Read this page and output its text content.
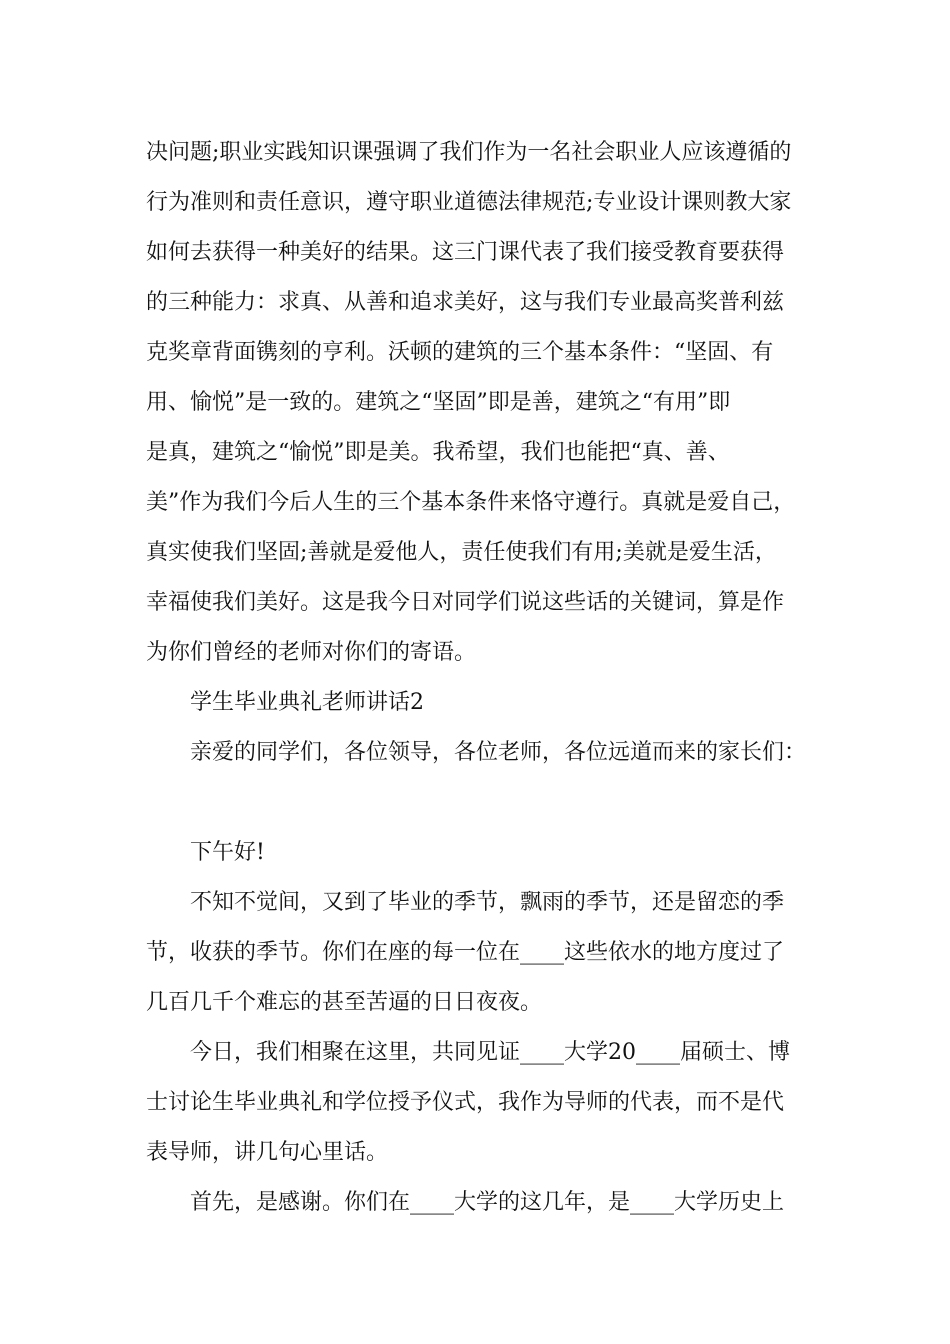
决问题;职业实践知识课强调了我们作为一名社会职业人应该遵循的
行为准则和责任意识，遵守职业道德法律规范;专业设计课则教大家
如何去获得一种美好的结果。这三门课代表了我们接受教育要获得
的三种能力：求真、从善和追求美好，这与我们专业最高奖普利兹
克奖章背面镌刻的亨利。沃顿的建筑的三个基本条件：“坚固、有
用、愉悦”是一致的。建筑之“坚固”即是善，建筑之“有用”即
是真，建筑之“愉悦”即是美。我希望，我们也能把“真、善、
美”作为我们今后人生的三个基本条件来恪守遵行。真就是爱自己，
真实使我们坚固;善就是爱他人，责任使我们有用;美就是爱生活，
幸福使我们美好。这是我今日对同学们说这些话的关键词，算是作
为你们曾经的老师对你们的寄语。
学生毕业典礼老师讲话2
亲爱的同学们，各位领导，各位老师，各位远道而来的家长们：
下午好!
不知不觉间，又到了毕业的季节，飘雨的季节，还是留恋的季
节，收获的季节。你们在座的每一位在____这些依水的地方度过了
几百几千个难忘的甚至苦逼的日日夜夜。
今日，我们相聚在这里，共同见证____大学20____届硕士、博
士讨论生毕业典礼和学位授予仪式，我作为导师的代表，而不是代
表导师，讲几句心里话。
首先，是感谢。你们在____大学的这几年，是____大学历史上
